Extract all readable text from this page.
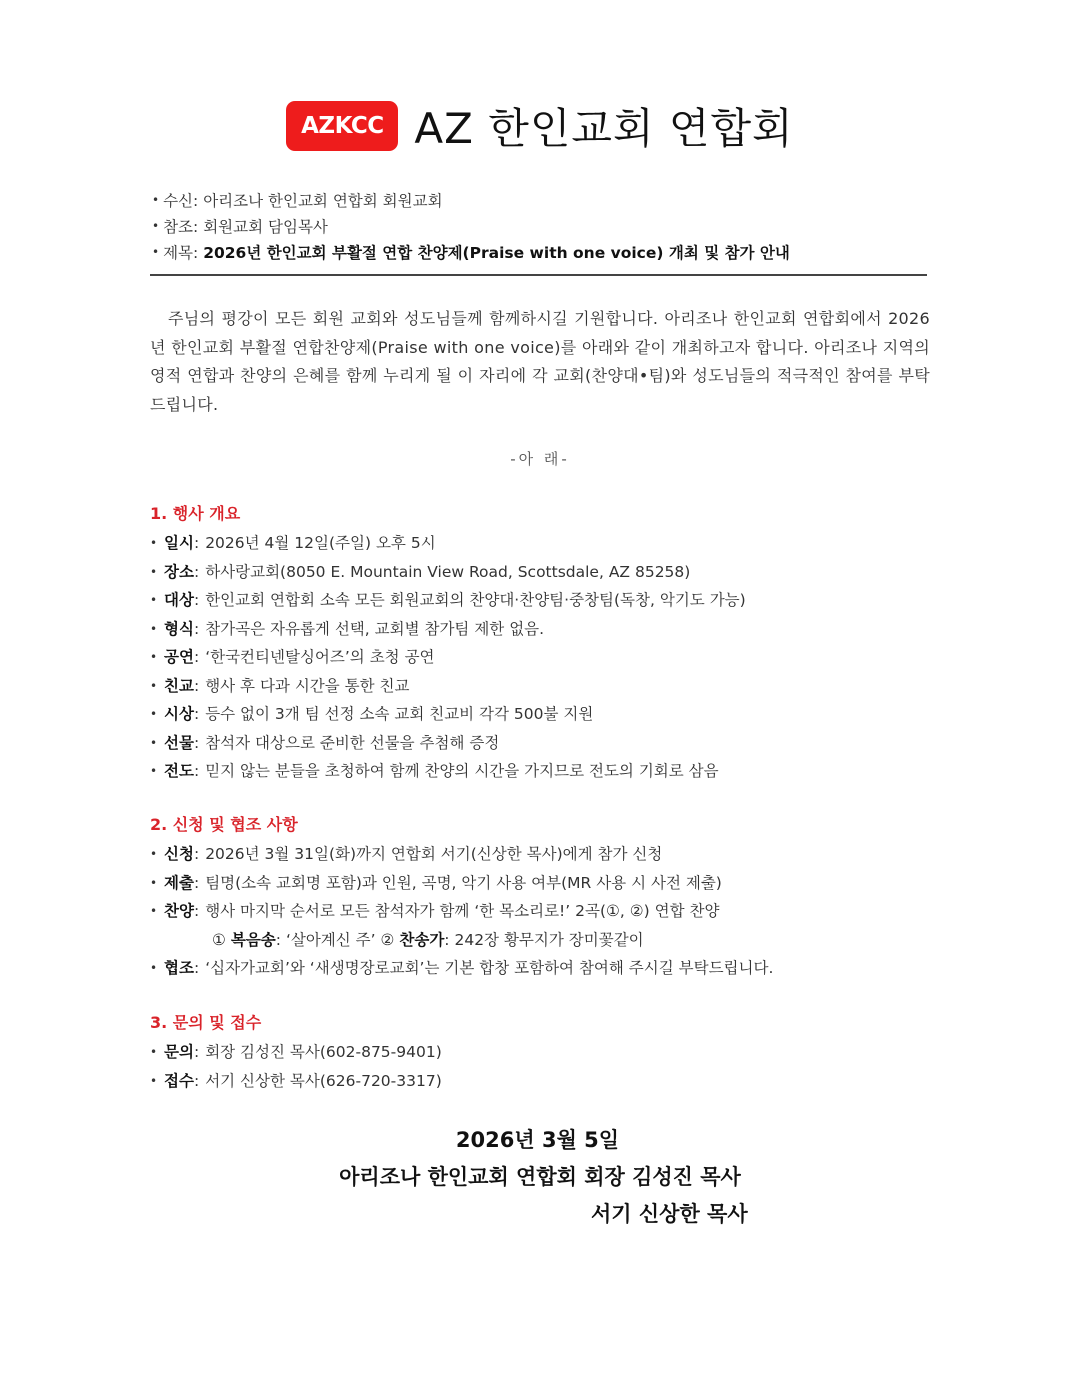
AZKCC AZ 한인교회 연합회
• 수신: 아리조나 한인교회 연합회 회원교회
• 참조: 회원교회 담임목사
• 제목: 2026년 한인교회 부활절 연합 찬양제(Praise with one voice) 개최 및 참가 안내

주님의 평강이 모든 회원 교회와 성도님들께 함께하시길 기원합니다. 아리조나 한인교회 연합회에서 2026년 한인교회 부활절 연합찬양제(Praise with one voice)를 아래와 같이 개최하고자 합니다. 아리조나 지역의 영적 연합과 찬양의 은혜를 함께 누리게 될 이 자리에 각 교회(찬양대•팀)와 성도님들의 적극적인 참여를 부탁드립니다.

-아 래-
1. 행사 개요
• 일시: 2026년 4월 12일(주일) 오후 5시
• 장소: 하사랑교회(8050 E. Mountain View Road, Scottsdale, AZ 85258)
• 대상: 한인교회 연합회 소속 모든 회원교회의 찬양대·찬양팀·중창팀(독창, 악기도 가능)
• 형식: 참가곡은 자유롭게 선택, 교회별 참가팀 제한 없음.
• 공연: ‘한국컨티넨탈싱어즈’의 초청 공연
• 친교: 행사 후 다과 시간을 통한 친교
• 시상: 등수 없이 3개 팀 선정 소속 교회 친교비 각각 500불 지원
• 선물: 참석자 대상으로 준비한 선물을 추첨해 증정
• 전도: 믿지 않는 분들을 초청하여 함께 찬양의 시간을 가지므로 전도의 기회로 삼음
2. 신청 및 협조 사항
• 신청: 2026년 3월 31일(화)까지 연합회 서기(신상한 목사)에게 참가 신청
• 제출: 팀명(소속 교회명 포함)과 인원, 곡명, 악기 사용 여부(MR 사용 시 사전 제출)
• 찬양: 행사 마지막 순서로 모든 참석자가 함께 ‘한 목소리로!’ 2곡(①, ②) 연합 찬양
① 복음송: ‘살아계신 주’ ② 찬송가: 242장 황무지가 장미꽃같이
• 협조: ‘십자가교회’와 ‘새생명장로교회’는 기본 합창 포함하여 참여해 주시길 부탁드립니다.
3. 문의 및 접수
• 문의: 회장 김성진 목사(602-875-9401)
• 접수: 서기 신상한 목사(626-720-3317)
2026년 3월 5일
아리조나 한인교회 연합회 회장 김성진 목사
서기 신상한 목사
